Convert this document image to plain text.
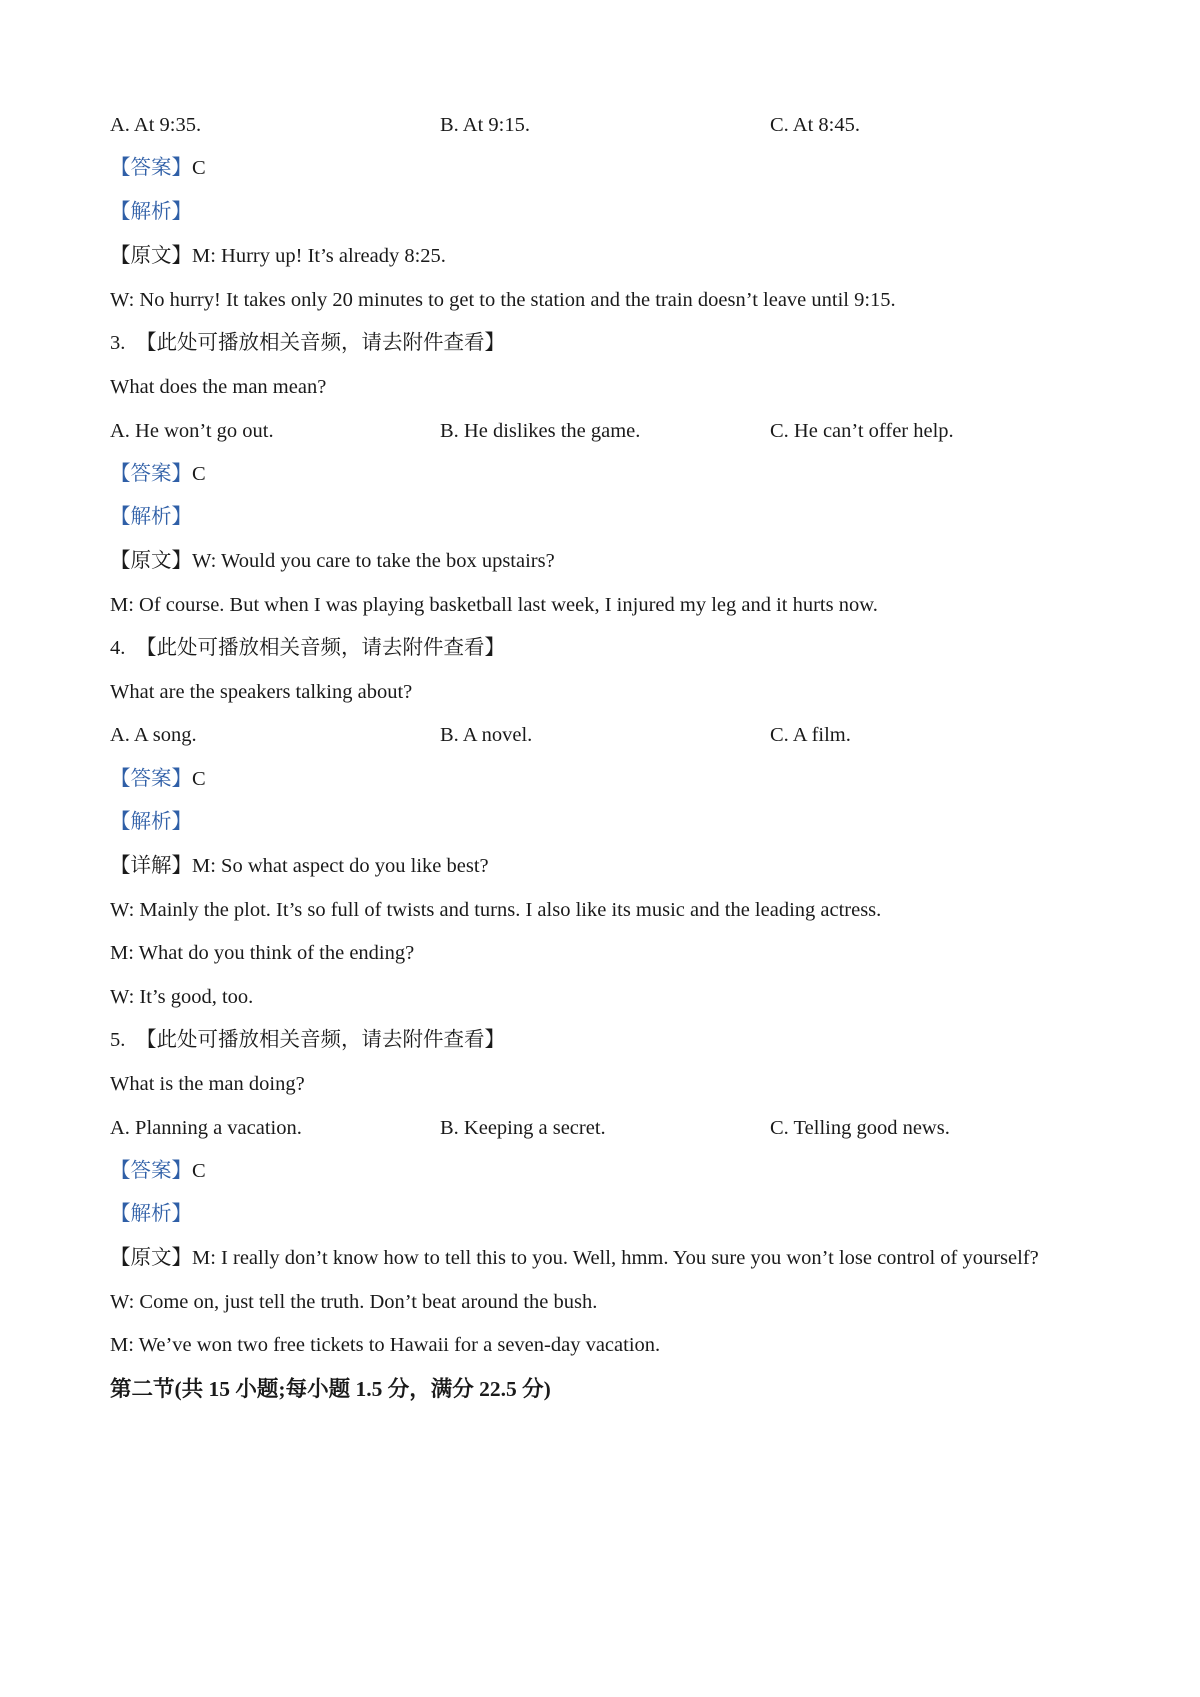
A. At 9:35.	B. At 9:15.	C. At 8:45.
【答案】C
【解析】
【原文】M: Hurry up! It’s already 8:25.
W: No hurry! It takes only 20 minutes to get to the station and the train doesn’t leave until 9:15.
3. 【此处可播放相关音频，请去附件查看】
What does the man mean?
A. He won’t go out.	B. He dislikes the game.	C. He can’t offer help.
【答案】C
【解析】
【原文】W: Would you care to take the box upstairs?
M: Of course. But when I was playing basketball last week, I injured my leg and it hurts now.
4. 【此处可播放相关音频，请去附件查看】
What are the speakers talking about?
A. A song.	B. A novel.	C. A film.
【答案】C
【解析】
【详解】M: So what aspect do you like best?
W: Mainly the plot. It’s so full of twists and turns. I also like its music and the leading actress.
M: What do you think of the ending?
W: It’s good, too.
5. 【此处可播放相关音频，请去附件查看】
What is the man doing?
A. Planning a vacation.	B. Keeping a secret.	C. Telling good news.
【答案】C
【解析】
【原文】M: I really don’t know how to tell this to you. Well, hmm. You sure you won’t lose control of yourself?
W: Come on, just tell the truth. Don’t beat around the bush.
M: We’ve won two free tickets to Hawaii for a seven-day vacation.
第二节(共 15 小题;每小题 1.5 分，满分 22.5 分)
